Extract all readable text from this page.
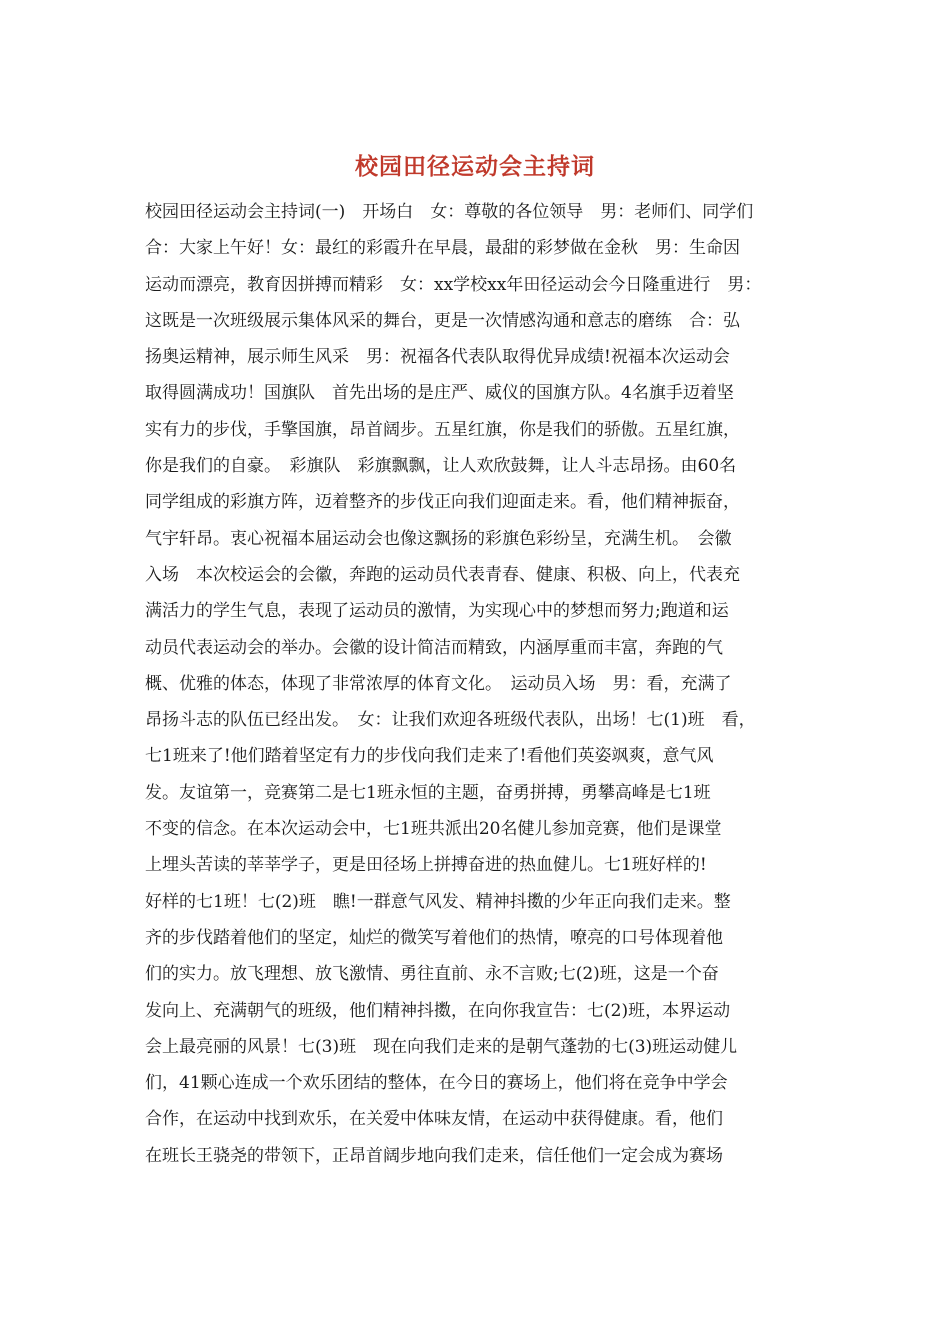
校园田径运动会主持词
校园田径运动会主持词(一)　开场白　女：尊敬的各位领导　男：老师们、同学们
合：大家上午好！女：最红的彩霞升在早晨，最甜的彩梦做在金秋　男：生命因
运动而漂亮，教育因拼搏而精彩　女：xx学校xx年田径运动会今日隆重进行　男：
这既是一次班级展示集体风采的舞台，更是一次情感沟通和意志的磨练　合：弘
扬奥运精神，展示师生风采　男：祝福各代表队取得优异成绩!祝福本次运动会
取得圆满成功！国旗队　首先出场的是庄严、威仪的国旗方队。4名旗手迈着坚
实有力的步伐，手擎国旗，昂首阔步。五星红旗，你是我们的骄傲。五星红旗，
你是我们的自豪。　彩旗队　彩旗飘飘，让人欢欣鼓舞，让人斗志昂扬。由60名
同学组成的彩旗方阵，迈着整齐的步伐正向我们迎面走来。看，他们精神振奋，
气宇轩昂。衷心祝福本届运动会也像这飘扬的彩旗色彩纷呈，充满生机。　会徽
入场　本次校运会的会徽，奔跑的运动员代表青春、健康、积极、向上，代表充
满活力的学生气息，表现了运动员的激情，为实现心中的梦想而努力;跑道和运
动员代表运动会的举办。会徽的设计简洁而精致，内涵厚重而丰富，奔跑的气
概、优雅的体态，体现了非常浓厚的体育文化。　运动员入场　男：看，充满了
昂扬斗志的队伍已经出发。　女：让我们欢迎各班级代表队，出场！七(1)班　看，
七1班来了!他们踏着坚定有力的步伐向我们走来了!看他们英姿飒爽，意气风
发。友谊第一，竞赛第二是七1班永恒的主题，奋勇拼搏，勇攀高峰是七1班
不变的信念。在本次运动会中，七1班共派出20名健儿参加竞赛，他们是课堂
上埋头苦读的莘莘学子，更是田径场上拼搏奋进的热血健儿。七1班好样的!
好样的七1班！七(2)班　瞧!一群意气风发、精神抖擞的少年正向我们走来。整
齐的步伐踏着他们的坚定，灿烂的微笑写着他们的热情，嘹亮的口号体现着他
们的实力。放飞理想、放飞激情、勇往直前、永不言败;七(2)班，这是一个奋
发向上、充满朝气的班级，他们精神抖擞，在向你我宣告：七(2)班，本界运动
会上最亮丽的风景！七(3)班　现在向我们走来的是朝气蓬勃的七(3)班运动健儿
们，41颗心连成一个欢乐团结的整体，在今日的赛场上，他们将在竞争中学会
合作，在运动中找到欢乐，在关爱中体味友情，在运动中获得健康。看，他们
在班长王骁尧的带领下，正昂首阔步地向我们走来，信任他们一定会成为赛场
